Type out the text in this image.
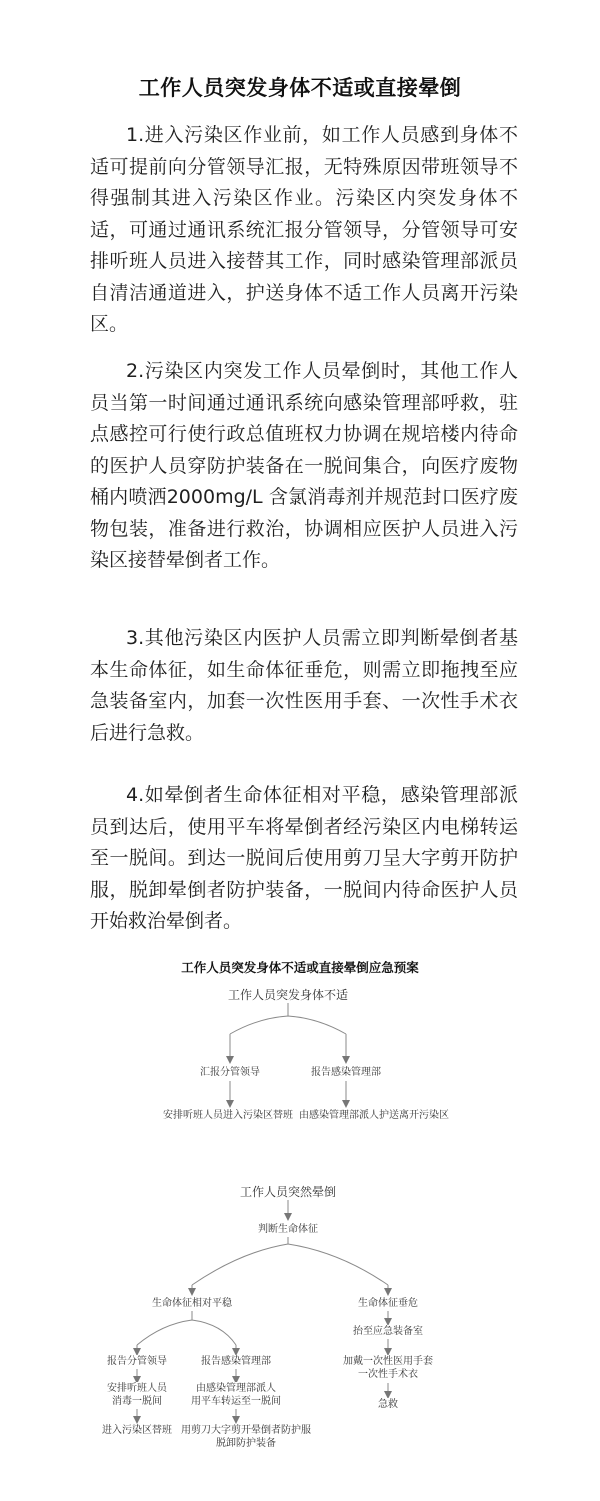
工作人员突发身体不适或直接晕倒

1.进入污染区作业前，如工作人员感到身体不适可提前向分管领导汇报，无特殊原因带班领导不得强制其进入污染区作业。污染区内突发身体不适，可通过通讯系统汇报分管领导，分管领导可安排听班人员进入接替其工作，同时感染管理部派员自清洁通道进入，护送身体不适工作人员离开污染区。

2.污染区内突发工作人员晕倒时，其他工作人员当第一时间通过通讯系统向感染管理部呼救，驻点感控可行使行政总值班权力协调在规培楼内待命的医护人员穿防护装备在一脱间集合，向医疗废物桶内喷洒2000mg/L 含氯消毒剂并规范封口医疗废物包装，准备进行救治，协调相应医护人员进入污染区接替晕倒者工作。

3.其他污染区内医护人员需立即判断晕倒者基本生命体征，如生命体征垂危，则需立即拖拽至应急装备室内，加套一次性医用手套、一次性手术衣后进行急救。

4.如晕倒者生命体征相对平稳，感染管理部派员到达后，使用平车将晕倒者经污染区内电梯转运至一脱间。到达一脱间后使用剪刀呈大字剪开防护服，脱卸晕倒者防护装备，一脱间内待命医护人员开始救治晕倒者。

工作人员突发身体不适或直接晕倒应急预案
工作人员突发身体不适
汇报分管领导	报告感染管理部
安排听班人员进入污染区替班 由感染管理部派人护送离开污染区
工作人员突然晕倒
判断生命体征
生命体征相对平稳	生命体征垂危
报告分管领导	报告感染管理部
安排听班人员
消毒一脱间
由感染管理部派人
用平车转运至一脱间
进入污染区替班 用剪刀大字剪开晕倒者防护服
脱卸防护装备
抬至应急装备室
加戴一次性医用手套
一次性手术衣
急救
